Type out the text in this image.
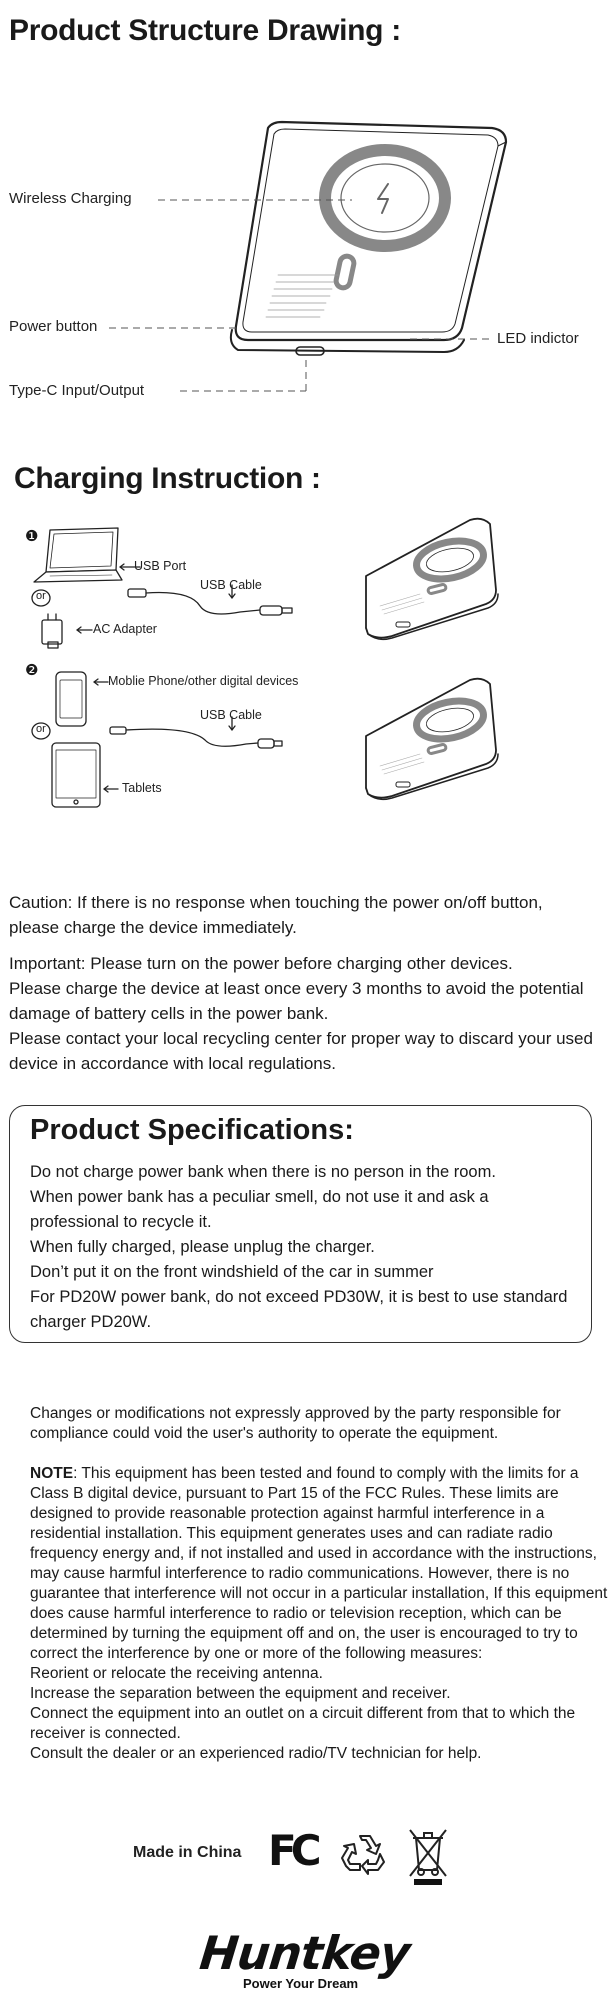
Product Structure Drawing :
Wireless Charging
Power button
Type-C Input/Output
LED indictor
Charging Instruction :
❶
USB Port
or
AC Adapter
USB Cable
❷
Moblie Phone/other digital devices
or
Tablets
USB Cable
Caution: If there is no response when touching the power on/off button, please charge the device immediately.
Important: Please turn on the power before charging other devices.
Please charge the device at least once every 3 months to avoid the potential damage of battery cells in the power bank.
Please contact your local recycling center for proper way to discard your used device in accordance with local regulations.
Product Specifications:
Do not charge power bank when there is no person in the room.
When power bank has a peculiar smell, do not use it and ask a professional to recycle it.
When fully charged, please unplug the charger.
Don’t put it on the front windshield of the car in summer
For PD20W power bank, do not exceed PD30W, it is best to use standard charger PD20W.

Changes or modifications not expressly approved by the party responsible for compliance could void the user's authority to operate the equipment.

NOTE: This equipment has been tested and found to comply with the limits for a Class B digital device, pursuant to Part 15 of the FCC Rules. These limits are designed to provide reasonable protection against harmful interference in a residential installation. This equipment generates uses and can radiate radio frequency energy and, if not installed and used in accordance with the instructions, may cause harmful interference to radio communications. However, there is no guarantee that interference will not occur in a particular installation, If this equipment does cause harmful interference to radio or television reception, which can be determined by turning the equipment off and on, the user is encouraged to try to correct the interference by one or more of the following measures:

Reorient or relocate the receiving antenna.

Increase the separation between the equipment and receiver.

Connect the equipment into an outlet on a circuit different from that to which the receiver is connected.

Consult the dealer or an experienced radio/TV technician for help.

Made in China FC
Huntkey
Power Your Dream
